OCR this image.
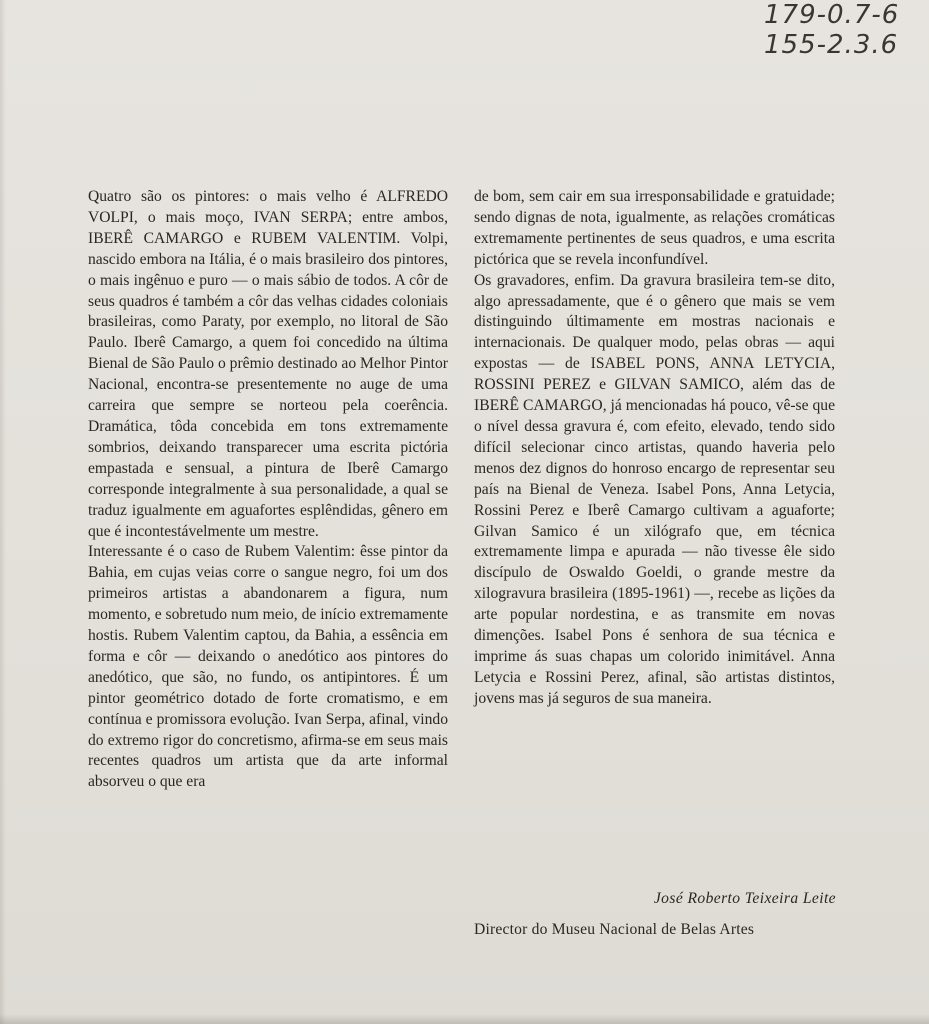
179-0.7-6
155-2.3.6

Quatro são os pintores: o mais velho é ALFREDO VOLPI, o mais moço, IVAN SERPA; entre ambos, IBERÊ CAMARGO e RUBEM VALENTIM. Volpi, nascido embora na Itália, é o mais brasileiro dos pintores, o mais ingênuo e puro — o mais sábio de todos. A côr de seus quadros é também a côr das velhas cidades coloniais brasileiras, como Paraty, por exemplo, no litoral de São Paulo. Iberê Camargo, a quem foi concedido na última Bienal de São Paulo o prêmio destinado ao Melhor Pintor Nacional, encontra-se presentemente no auge de uma carreira que sempre se norteou pela coerência. Dramática, tôda concebida em tons extremamente sombrios, deixando transparecer uma escrita pictória empastada e sensual, a pintura de Iberê Camargo corresponde integralmente à sua personalidade, a qual se traduz igualmente em aguafortes esplêndidas, gênero em que é incontestávelmente um mestre.

Interessante é o caso de Rubem Valentim: êsse pintor da Bahia, em cujas veias corre o sangue negro, foi um dos primeiros artistas a abandonarem a figura, num momento, e sobretudo num meio, de início extremamente hostis. Rubem Valentim captou, da Bahia, a essência em forma e côr — deixando o anedótico aos pintores do anedótico, que são, no fundo, os antipintores. É um pintor geométrico dotado de forte cromatismo, e em contínua e promissora evolução. Ivan Serpa, afinal, vindo do extremo rigor do concretismo, afirma-se em seus mais recentes quadros um artista que da arte informal absorveu o que era

de bom, sem cair em sua irresponsabilidade e gratuidade; sendo dignas de nota, igualmente, as relações cromáticas extremamente pertinentes de seus quadros, e uma escrita pictórica que se revela inconfundível.

Os gravadores, enfim. Da gravura brasileira tem-se dito, algo apressadamente, que é o gênero que mais se vem distinguindo últimamente em mostras nacionais e internacionais. De qualquer modo, pelas obras — aqui expostas — de ISABEL PONS, ANNA LETYCIA, ROSSINI PEREZ e GILVAN SAMICO, além das de IBERÊ CAMARGO, já mencionadas há pouco, vê-se que o nível dessa gravura é, com efeito, elevado, tendo sido difícil selecionar cinco artistas, quando haveria pelo menos dez dignos do honroso encargo de representar seu país na Bienal de Veneza. Isabel Pons, Anna Letycia, Rossini Perez e Iberê Camargo cultivam a aguaforte; Gilvan Samico é un xilógrafo que, em técnica extremamente limpa e apurada — não tivesse êle sido discípulo de Oswaldo Goeldi, o grande mestre da xilogravura brasileira (1895-1961) —, recebe as lições da arte popular nordestina, e as transmite em novas dimenções. Isabel Pons é senhora de sua técnica e imprime ás suas chapas um colorido inimitável. Anna Letycia e Rossini Perez, afinal, são artistas distintos, jovens mas já seguros de sua maneira.

José Roberto Teixeira Leite
Director do Museu Nacional de Belas Artes
